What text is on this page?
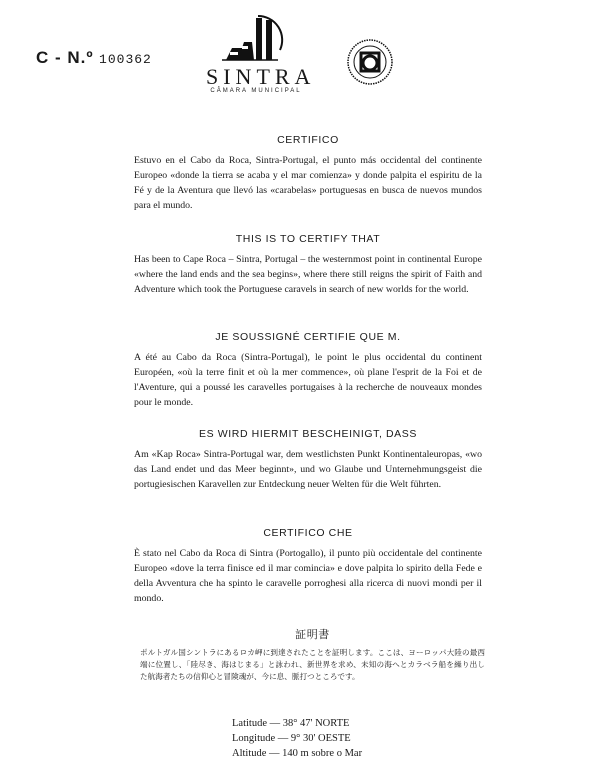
C - N.º 100362
SINTRA
CÂMARA MUNICIPAL
CERTIFICO

Estuvo en el Cabo da Roca, Sintra-Portugal, el punto más occidental del continente Europeo «donde la tierra se acaba y el mar comienza» y donde palpita el espiritu de la Fé y de la Aventura que llevó las «carabelas» portuguesas en busca de nuevos mundos para el mundo.

THIS IS TO CERTIFY THAT

Has been to Cape Roca – Sintra, Portugal – the westernmost point in continental Europe «where the land ends and the sea begins», where there still reigns the spirit of Faith and Adventure which took the Portuguese caravels in search of new worlds for the world.

JE SOUSSIGNÉ CERTIFIE QUE M.

A été au Cabo da Roca (Sintra-Portugal), le point le plus occidental du continent Européen, «où la terre finit et où la mer commence», où plane l'esprit de la Foi et de l'Aventure, qui a poussé les caravelles portugaises à la recherche de nouveaux mondes pour le monde.

ES WIRD HIERMIT BESCHEINIGT, DASS

Am «Kap Roca» Sintra-Portugal war, dem westlichsten Punkt Kontinentaleuropas, «wo das Land endet und das Meer beginnt», und wo Glaube und Unternehmungsgeist die portugiesischen Karavellen zur Entdeckung neuer Welten für die Welt führten.

CERTIFICO CHE

È stato nel Cabo da Roca di Sintra (Portogallo), il punto più occidentale del continente Europeo «dove la terra finisce ed il mar comincia» e dove palpita lo spirito della Fede e della Avventura che ha spinto le caravelle porroghesi alla ricerca di nuovi mondi per il mondo.

証明書

ポルトガル国シントラにあるロカ岬に到達されたことを証明します。ここは、ヨーロッパ大陸の最西端に位置し、「陸尽き、海はじまる」と詠われ、新世界を求め、未知の海へとカラベラ船を繰り出した航海者たちの信仰心と冒険魂が、今に息、脈打つところです。

Latitude — 38° 47' NORTE
Longitude — 9° 30' OESTE
Altitude — 140 m sobre o Mar
